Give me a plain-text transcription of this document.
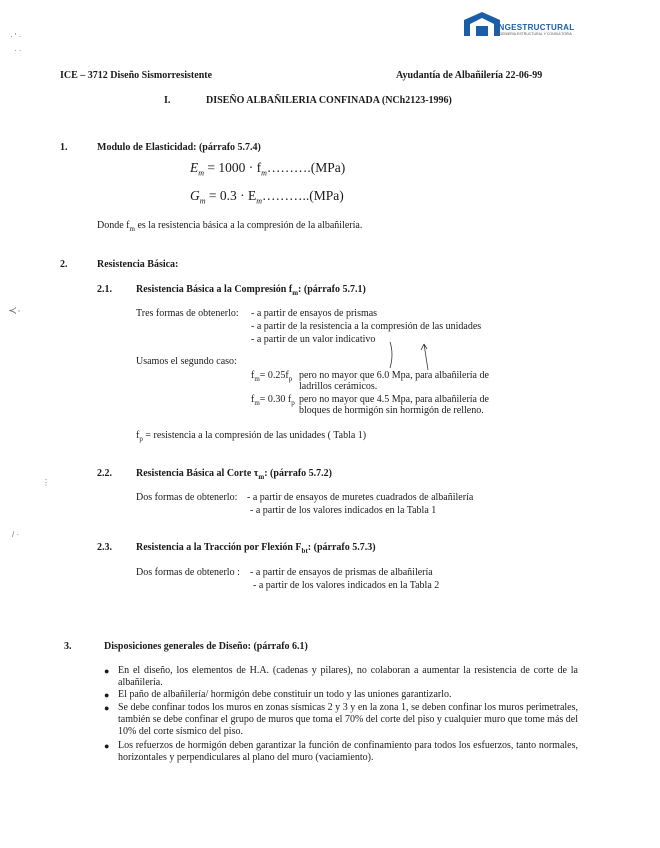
· ' ·
· ·
≺·
⋮
/ ·
INGESTRUCTURAL
INGENIERIA ESTRUCTURAL Y CONSULTORIA
ICE – 3712 Diseño Sismorresistente	Ayudantía de Albañilería 22-06-99
I.	DISEÑO ALBAÑILERIA CONFINADA (NCh2123-1996)
1.	Modulo de Elasticidad: (párrafo 5.7.4)
$E_m = 1000$ · $f_m\dots\dots\dots.(MPa)$
$G_m = 0.3$ · $E_m\dots\dots\dots..(MPa)$
Donde $f_m$ es la resistencia básica a la compresión de la albañilería.
2.	Resistencia Básica:
2.1. Resistencia Básica a la Compresión $f_m$: (párrafo 5.7.1)
Tres formas de obtenerlo: - a partir de ensayos de prismas
- a partir de la resistencia a la compresión de las unidades
- a partir de un valor indicativo
Usamos el segundo caso:
$f_m= 0.25f_p$ pero no mayor que 6.0 Mpa, para albañilería de
ladrillos cerámicos.
$f_m= 0.30$ $f_p$ pero no mayor que 4.5 Mpa, para albañilería de
bloques de hormigón sin hormigón de relleno.
$f_p$ = resistencia a la compresión de las unidades ( Tabla 1)
2.2. Resistencia Básica al Corte $\tau_m$: (párrafo 5.7.2)
Dos formas de obtenerlo: - a partir de ensayos de muretes cuadrados de albañilería
- a partir de los valores indicados en la Tabla 1
2.3. Resistencia a la Tracción por Flexión $F_{bt}$: (párrafo 5.7.3)
Dos formas de obtenerlo : - a partir de ensayos de prismas de albañilería
- a partir de los valores indicados en la Tabla 2
3.	Disposiciones generales de Diseño: (párrafo 6.1)
● En el diseño, los elementos de H.A. (cadenas y pilares), no colaboran a aumentar la resistencia de corte de la albañilería.
● El paño de albañilería/ hormigón debe constituir un todo y las uniones garantizarlo.
● Se debe confinar todos los muros en zonas sísmicas 2 y 3 y en la zona 1, se deben confinar los muros perimetrales, también se debe confinar el grupo de muros que toma el 70% del corte del piso y cualquier muro que tome más del 10% del corte sísmico del piso.
● Los refuerzos de hormigón deben garantizar la función de confinamiento para todos los esfuerzos, tanto normales, horizontales y perpendiculares al plano del muro (vaciamiento).
